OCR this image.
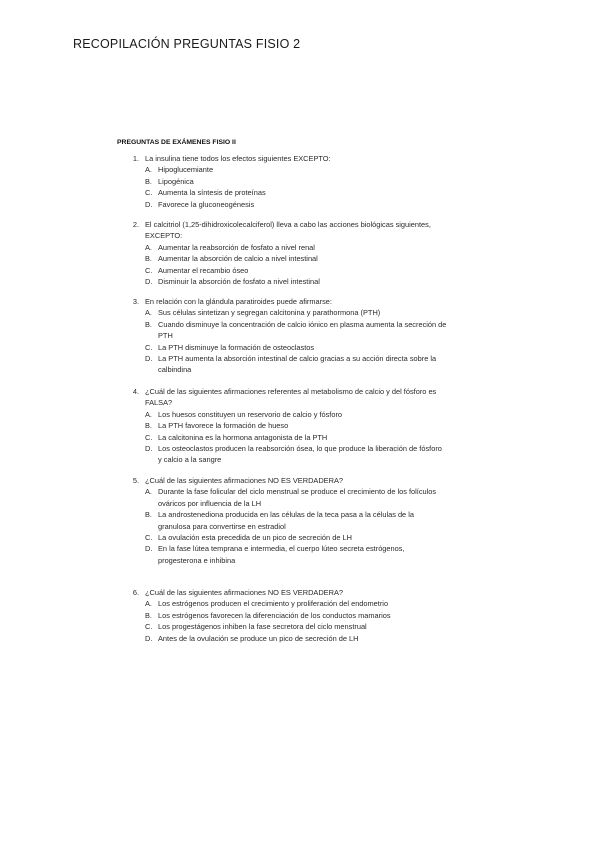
RECOPILACIÓN PREGUNTAS FISIO 2
PREGUNTAS DE EXÁMENES FISIO II
1. La insulina tiene todos los efectos siguientes EXCEPTO:
A. Hipoglucemiante
B. Lipogénica
C. Aumenta la síntesis de proteínas
D. Favorece la gluconeogénesis
2. El calcitriol (1,25-dihidroxicolecalciferol) lleva a cabo las acciones biológicas siguientes, EXCEPTO:
A. Aumentar la reabsorción de fosfato a nivel renal
B. Aumentar la absorción de calcio a nivel intestinal
C. Aumentar el recambio óseo
D. Disminuir la absorción de fosfato a nivel intestinal
3. En relación con la glándula paratiroides puede afirmarse:
A. Sus células sintetizan y segregan calcitonina y parathormona (PTH)
B. Cuando disminuye la concentración de calcio iónico en plasma aumenta la secreción de PTH
C. La PTH disminuye la formación de osteoclastos
D. La PTH aumenta la absorción intestinal de calcio gracias a su acción directa sobre la calbindina
4. ¿Cuál de las siguientes afirmaciones referentes al metabolismo de calcio y del fósforo es FALSA?
A. Los huesos constituyen un reservorio de calcio y fósforo
B. La PTH favorece la formación de hueso
C. La calcitonina es la hormona antagonista de la PTH
D. Los osteoclastos producen la reabsorción ósea, lo que produce la liberación de fósforo y calcio a la sangre
5. ¿Cuál de las siguientes afirmaciones NO ES VERDADERA?
A. Durante la fase folicular del ciclo menstrual se produce el crecimiento de los folículos ováricos por influencia de la LH
B. La androstenediona producida en las células de la teca pasa a la células de la granulosa para convertirse en estradiol
C. La ovulación esta precedida de un pico de secreción de LH
D. En la fase lútea temprana e intermedia, el cuerpo lúteo secreta estrógenos, progesterona e inhibina
6. ¿Cuál de las siguientes afirmaciones NO ES VERDADERA?
A. Los estrógenos producen el crecimiento y proliferación del endometrio
B. Los estrógenos favorecen la diferenciación de los conductos mamarios
C. Los progestágenos inhiben la fase secretora del ciclo menstrual
D. Antes de la ovulación se produce un pico de secreción de LH
